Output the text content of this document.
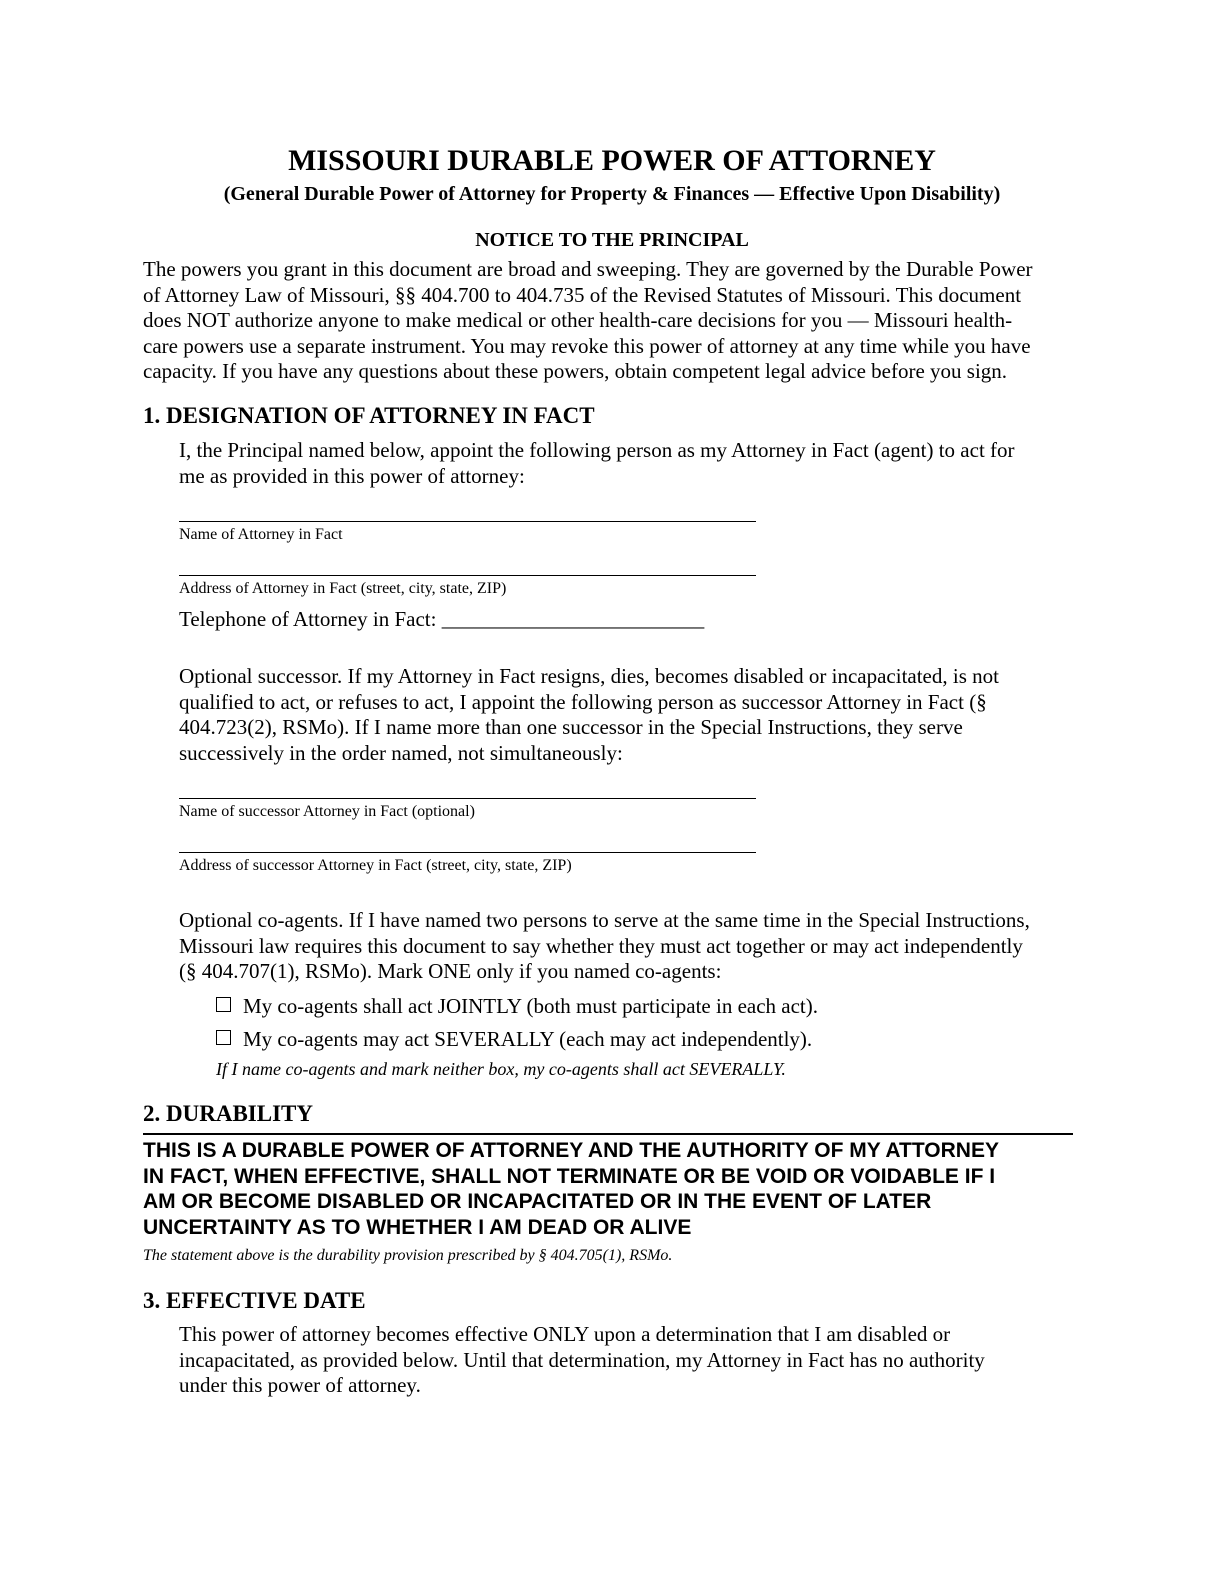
MISSOURI DURABLE POWER OF ATTORNEY
(General Durable Power of Attorney for Property & Finances — Effective Upon Disability)
NOTICE TO THE PRINCIPAL
The powers you grant in this document are broad and sweeping. They are governed by the Durable Power
of Attorney Law of Missouri, §§ 404.700 to 404.735 of the Revised Statutes of Missouri. This document
does NOT authorize anyone to make medical or other health-care decisions for you — Missouri health-
care powers use a separate instrument. You may revoke this power of attorney at any time while you have
capacity. If you have any questions about these powers, obtain competent legal advice before you sign.
1. DESIGNATION OF ATTORNEY IN FACT
I, the Principal named below, appoint the following person as my Attorney in Fact (agent) to act for
me as provided in this power of attorney:
Name of Attorney in Fact
Address of Attorney in Fact (street, city, state, ZIP)
Telephone of Attorney in Fact: _________________________
Optional successor. If my Attorney in Fact resigns, dies, becomes disabled or incapacitated, is not
qualified to act, or refuses to act, I appoint the following person as successor Attorney in Fact (§
404.723(2), RSMo). If I name more than one successor in the Special Instructions, they serve
successively in the order named, not simultaneously:
Name of successor Attorney in Fact (optional)
Address of successor Attorney in Fact (street, city, state, ZIP)
Optional co-agents. If I have named two persons to serve at the same time in the Special Instructions,
Missouri law requires this document to say whether they must act together or may act independently
(§ 404.707(1), RSMo). Mark ONE only if you named co-agents:
My co-agents shall act JOINTLY (both must participate in each act).
My co-agents may act SEVERALLY (each may act independently).
If I name co-agents and mark neither box, my co-agents shall act SEVERALLY.
2. DURABILITY
THIS IS A DURABLE POWER OF ATTORNEY AND THE AUTHORITY OF MY ATTORNEY
IN FACT, WHEN EFFECTIVE, SHALL NOT TERMINATE OR BE VOID OR VOIDABLE IF I
AM OR BECOME DISABLED OR INCAPACITATED OR IN THE EVENT OF LATER
UNCERTAINTY AS TO WHETHER I AM DEAD OR ALIVE
The statement above is the durability provision prescribed by § 404.705(1), RSMo.
3. EFFECTIVE DATE
This power of attorney becomes effective ONLY upon a determination that I am disabled or
incapacitated, as provided below. Until that determination, my Attorney in Fact has no authority
under this power of attorney.
